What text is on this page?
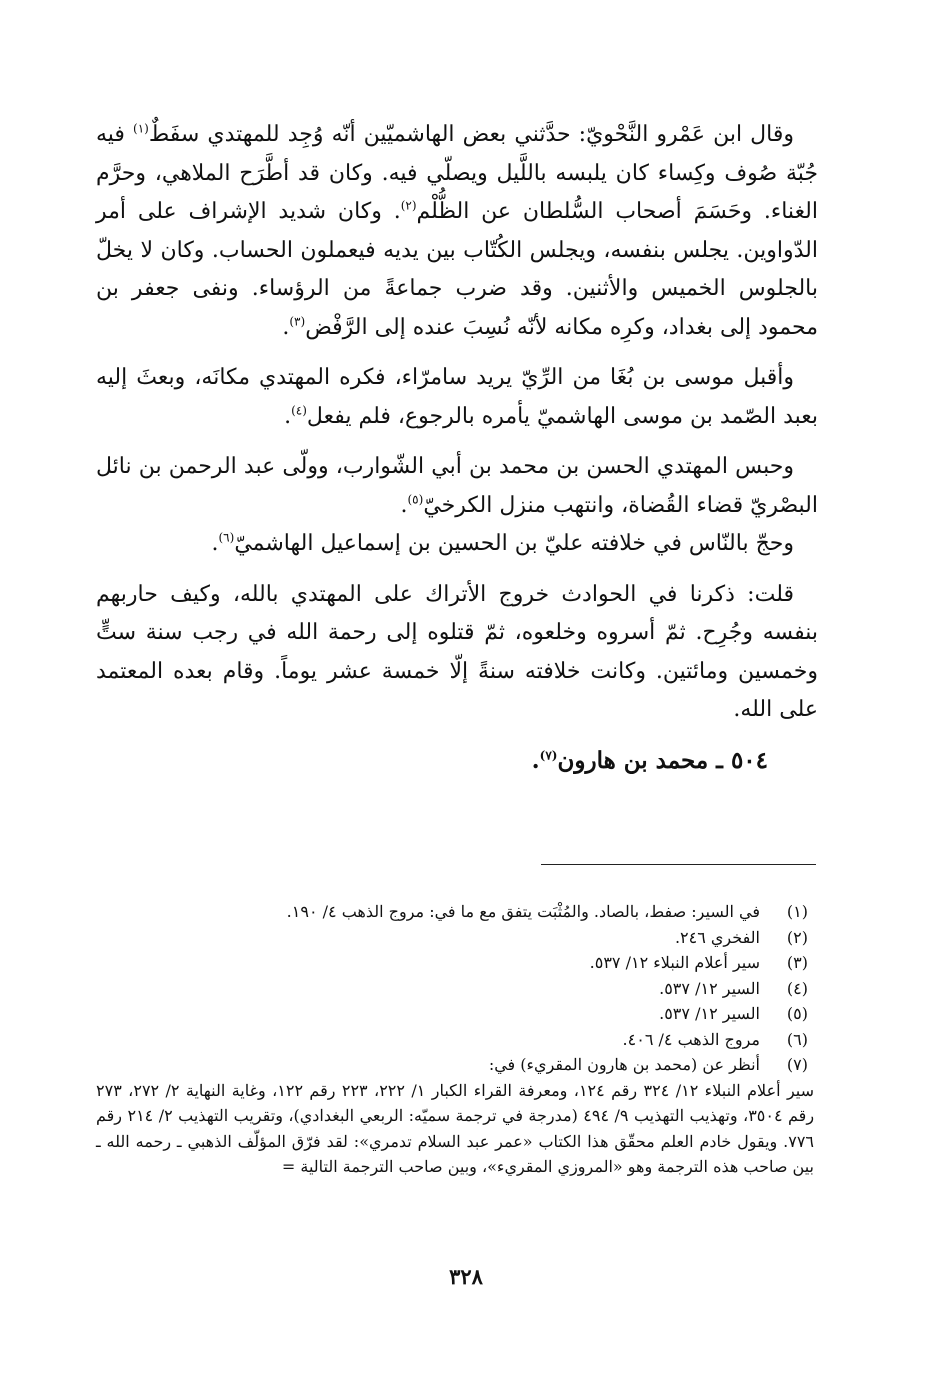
وقال ابن عَمْرو النَّحْويّ: حدَّثني بعض الهاشميّين أنّه وُجِد للمهتدي سفَطٌ$^{(١)}$ فيه جُبّة صُوف وكِساء كان يلبسه باللَّيل ويصلّي فيه. وكان قد أطَّرَح الملاهي، وحرَّم الغناء. وحَسَمَ أصحاب السُّلطان عن الظُّلْم$^{(٢)}$. وكان شديد الإشراف على أمر الدّواوين. يجلس بنفسه، ويجلس الكُتّاب بين يديه فيعملون الحساب. وكان لا يخلّ بالجلوس الخميس والأثنين. وقد ضرب جماعةً من الرؤساء. ونفى جعفر بن محمود إلى بغداد، وكرِه مكانه لأنّه نُسِبَ عنده إلى الرَّفْض$^{(٣)}$.

وأقبل موسى بن بُغَا من الرِّيّ يريد سامرّاء، فكره المهتدي مكانَه، وبعثَ إليه بعبد الصّمد بن موسى الهاشميّ يأمره بالرجوع، فلم يفعل$^{(٤)}$.

وحبس المهتدي الحسن بن محمد بن أبي الشّوارب، وولّى عبد الرحمن بن نائل البصْريّ قضاء القُضاة، وانتهب منزل الكرخيّ$^{(٥)}$.

وحجّ بالنّاس في خلافته عليّ بن الحسين بن إسماعيل الهاشميّ$^{(٦)}$.

قلت: ذكرنا في الحوادث خروج الأتراك على المهتدي بالله، وكيف حاربهم بنفسه وجُرِح. ثمّ أسروه وخلعوه، ثمّ قتلوه إلى رحمة الله في رجب سنة ستٍّ وخمسين ومائتين. وكانت خلافته سنةً إلّا خمسة عشر يوماً. وقام بعده المعتمد على الله.

٥٠٤ ـ محمد بن هارون$^{(٧)}$.
(١)
في السير: صفط، بالصاد. والمُثْبَت يتفق مع ما في: مروج الذهب ٤/ ١٩٠.
(٢)
الفخري ٢٤٦.
(٣)
سير أعلام النبلاء ١٢/ ٥٣٧.
(٤)
السير ١٢/ ٥٣٧.
(٥)
السير ١٢/ ٥٣٧.
(٦)
مروج الذهب ٤/ ٤٠٦.
(٧)
أنظر عن (محمد بن هارون المقريء) في:
سير أعلام النبلاء ١٢/ ٣٢٤ رقم ١٢٤، ومعرفة القراء الكبار ١/ ٢٢٢، ٢٢٣ رقم ١٢٢، وغاية النهاية ٢/ ٢٧٢، ٢٧٣ رقم ٣٥٠٤، وتهذيب التهذيب ٩/ ٤٩٤ (مدرجة في ترجمة سميّه: الربعي البغدادي)، وتقريب التهذيب ٢/ ٢١٤ رقم ٧٧٦. ويقول خادم العلم محقّق هذا الكتاب «عمر عبد السلام تدمري»: لقد فرّق المؤلّف الذهبي ـ رحمه الله ـ بين صاحب هذه الترجمة وهو «المروزي المقريء»، وبين صاحب الترجمة التالية =
٣٢٨
